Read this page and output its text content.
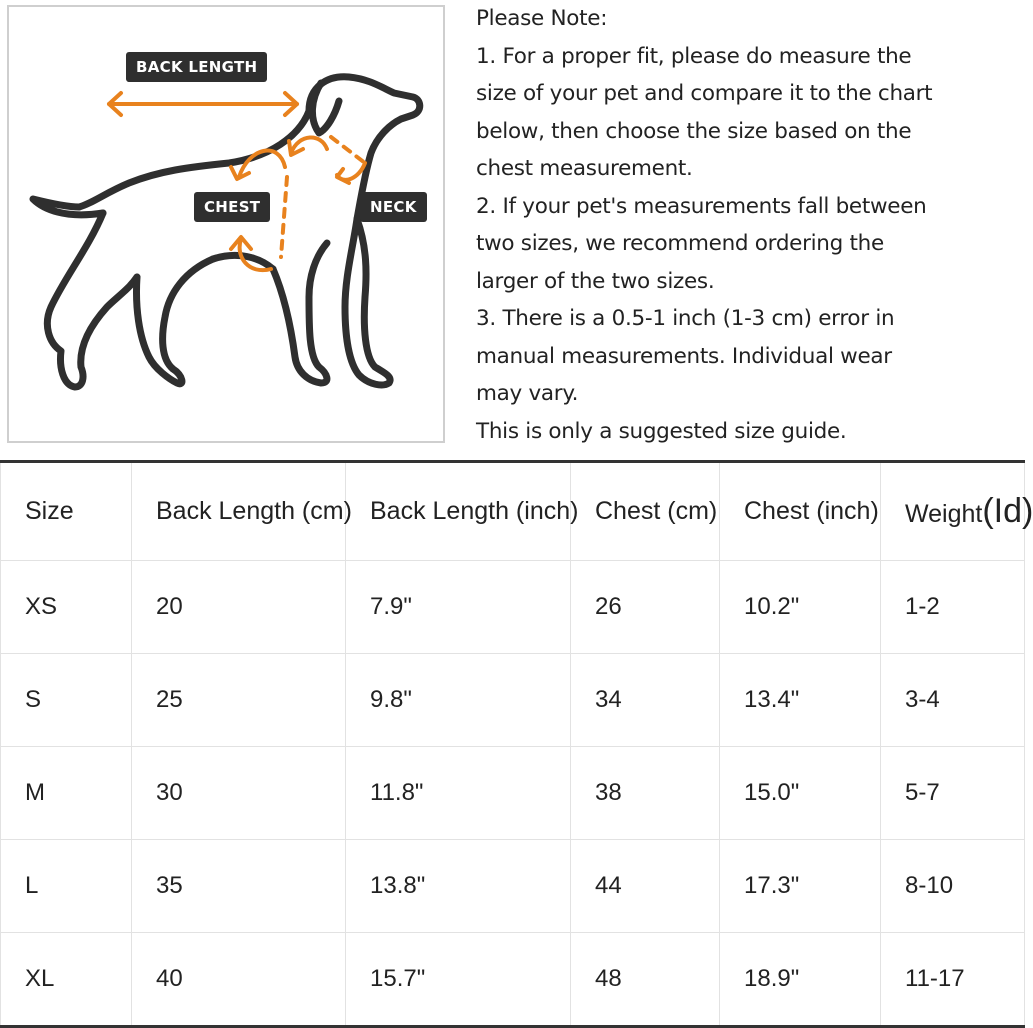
BACK LENGTH
CHEST	NECK

Please Note:

1. For a proper fit, please do measure the

size of your pet and compare it to the chart

below, then choose the size based on the

chest measurement.

2. If your pet's measurements fall between

two sizes, we recommend ordering the

larger of the two sizes.

3. There is a 0.5-1 inch (1-3 cm) error in

manual measurements. Individual wear

may vary.

This is only a suggested size guide.

Size	Back Length (cm)	Back Length (inch)	Chest (cm)	Chest (inch)	Weight(Id)
XS	20	7.9"	26	10.2"	1-2
S	25	9.8"	34	13.4"	3-4
M	30	11.8"	38	15.0"	5-7
L	35	13.8"	44	17.3"	8-10
XL	40	15.7"	48	18.9"	11-17
